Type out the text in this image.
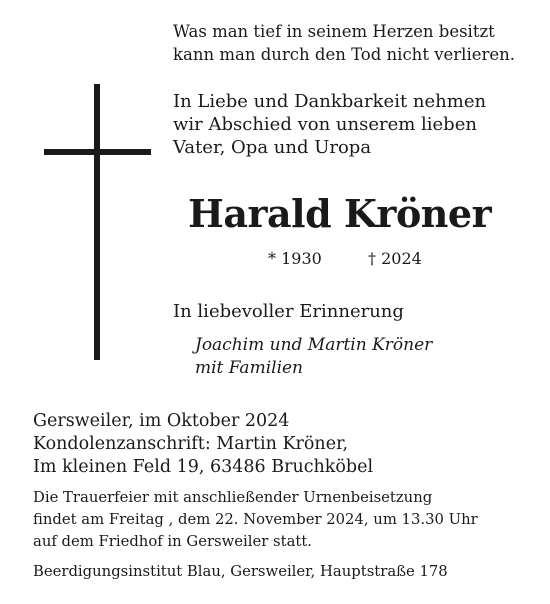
Was man tief in seinem Herzen besitzt
kann man durch den Tod nicht verlieren.
In Liebe und Dankbarkeit nehmen
wir Abschied von unserem lieben
Vater, Opa und Uropa
Harald Kröner
* 1930	† 2024
In liebevoller Erinnerung
Joachim und Martin Kröner
mit Familien
Gersweiler, im Oktober 2024
Kondolenzanschrift: Martin Kröner,
Im kleinen Feld 19, 63486 Bruchköbel
Die Trauerfeier mit anschließender Urnenbeisetzung
findet am Freitag , dem 22. November 2024, um 13.30 Uhr
auf dem Friedhof in Gersweiler statt.
Beerdigungsinstitut Blau, Gersweiler, Hauptstraße 178
